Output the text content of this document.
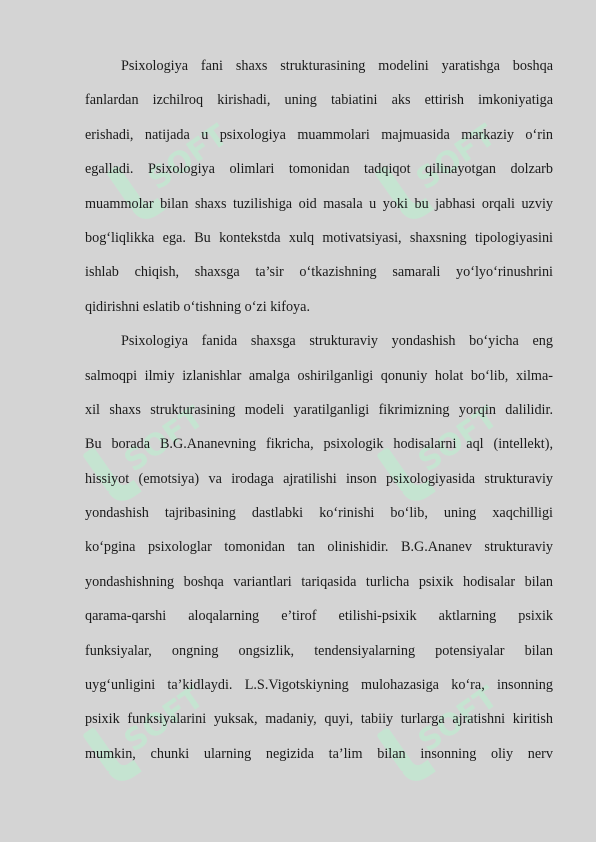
SOFT	SOFT
SOFT	SOFT
SOFT	SOFT
Psixologiya fani shaxs strukturasining modelini yaratishga boshqa
fanlardan izchilroq kirishadi, uning tabiatini aks ettirish imkoniyatiga
erishadi, natijada u psixologiya muammolari majmuasida markaziy o‘rin
egalladi. Psixologiya olimlari tomonidan tadqiqot qilinayotgan dolzarb
muammolar bilan shaxs tuzilishiga oid masala u yoki bu jabhasi orqali uzviy
bog‘liqlikka ega. Bu kontekstda xulq motivatsiyasi, shaxsning tipologiyasini
ishlab chiqish, shaxsga ta’sir o‘tkazishning samarali yo‘lyo‘rinushrini
qidirishni eslatib o‘tishning o‘zi kifoya.
Psixologiya fanida shaxsga strukturaviy yondashish bo‘yicha eng
salmoqpi ilmiy izlanishlar amalga oshirilganligi qonuniy holat bo‘lib, xilma-
xil shaxs strukturasining modeli yaratilganligi fikrimizning yorqin dalilidir.
Bu borada B.G.Ananevning fikricha, psixologik hodisalarni aql (intellekt),
hissiyot (emotsiya) va irodaga ajratilishi inson psixologiyasida strukturaviy
yondashish tajribasining dastlabki ko‘rinishi bo‘lib, uning xaqchilligi
ko‘pgina psixologlar tomonidan tan olinishidir. B.G.Ananev strukturaviy
yondashishning boshqa variantlari tariqasida turlicha psixik hodisalar bilan
qarama-qarshi aloqalarning e’tirof etilishi-psixik aktlarning psixik
funksiyalar, ongning ongsizlik, tendensiyalarning potensiyalar bilan
uyg‘unligini ta’kidlaydi. L.S.Vigotskiyning mulohazasiga ko‘ra, insonning
psixik funksiyalarini yuksak, madaniy, quyi, tabiiy turlarga ajratishni kiritish
mumkin, chunki ularning negizida ta’lim bilan insonning oliy nerv
